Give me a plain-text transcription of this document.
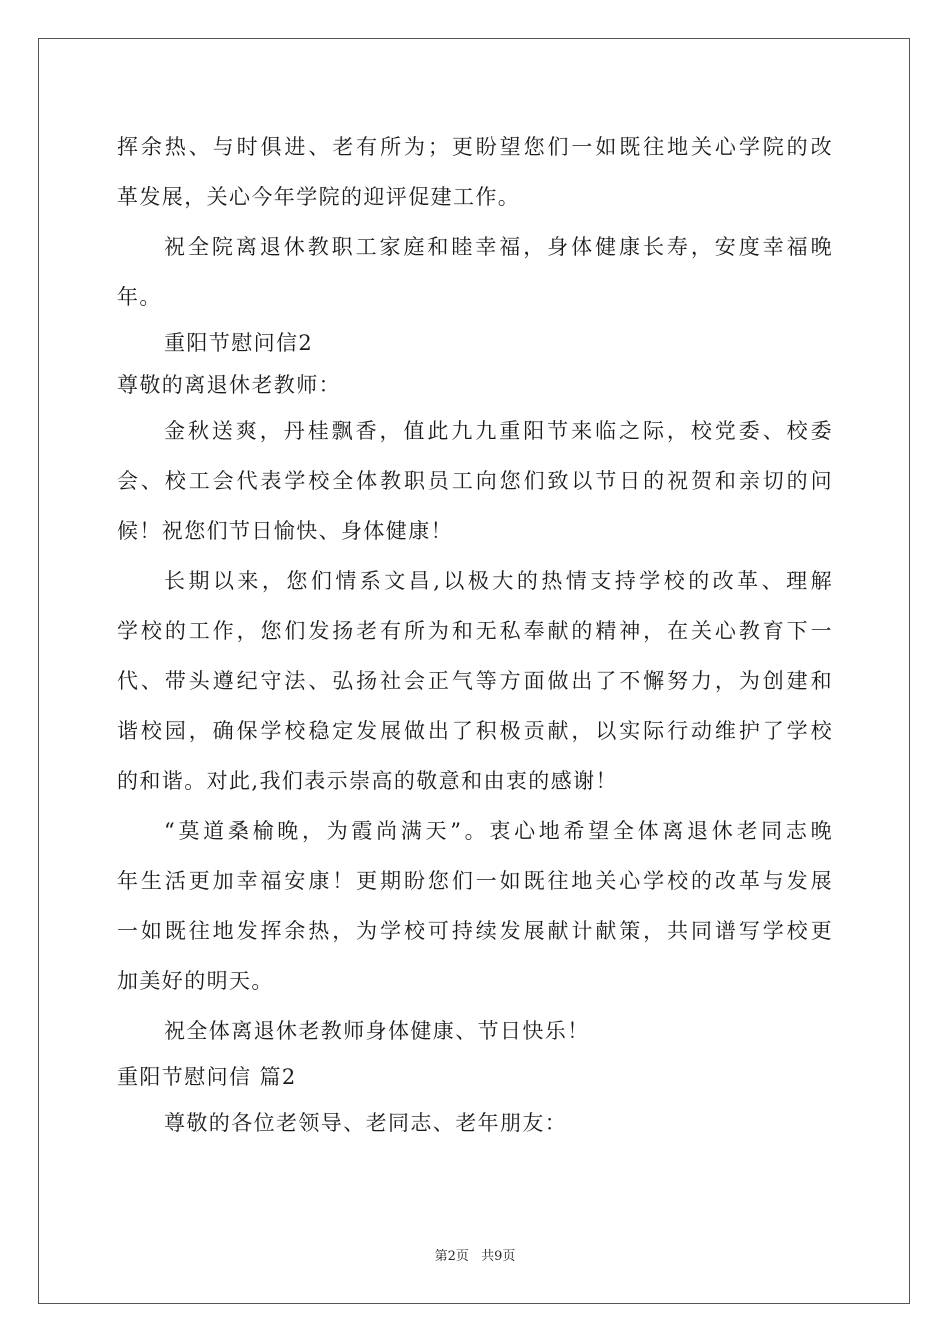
挥余热、与时俱进、老有所为；更盼望您们一如既往地关心学院的改
革发展，关心今年学院的迎评促建工作。
祝全院离退休教职工家庭和睦幸福，身体健康长寿，安度幸福晚
年。
重阳节慰问信2
尊敬的离退休老教师：
金秋送爽，丹桂飘香，值此九九重阳节来临之际，校党委、校委
会、校工会代表学校全体教职员工向您们致以节日的祝贺和亲切的问
候！祝您们节日愉快、身体健康！
长期以来，您们情系文昌,以极大的热情支持学校的改革、理解
学校的工作，您们发扬老有所为和无私奉献的精神，在关心教育下一
代、带头遵纪守法、弘扬社会正气等方面做出了不懈努力，为创建和
谐校园，确保学校稳定发展做出了积极贡献，以实际行动维护了学校
的和谐。对此,我们表示崇高的敬意和由衷的感谢！
“莫道桑榆晚，为霞尚满天”。衷心地希望全体离退休老同志晚
年生活更加幸福安康！更期盼您们一如既往地关心学校的改革与发展
一如既往地发挥余热，为学校可持续发展献计献策，共同谱写学校更
加美好的明天。
祝全体离退休老教师身体健康、节日快乐！
重阳节慰问信 篇2
尊敬的各位老领导、老同志、老年朋友：
第2页 共9页
